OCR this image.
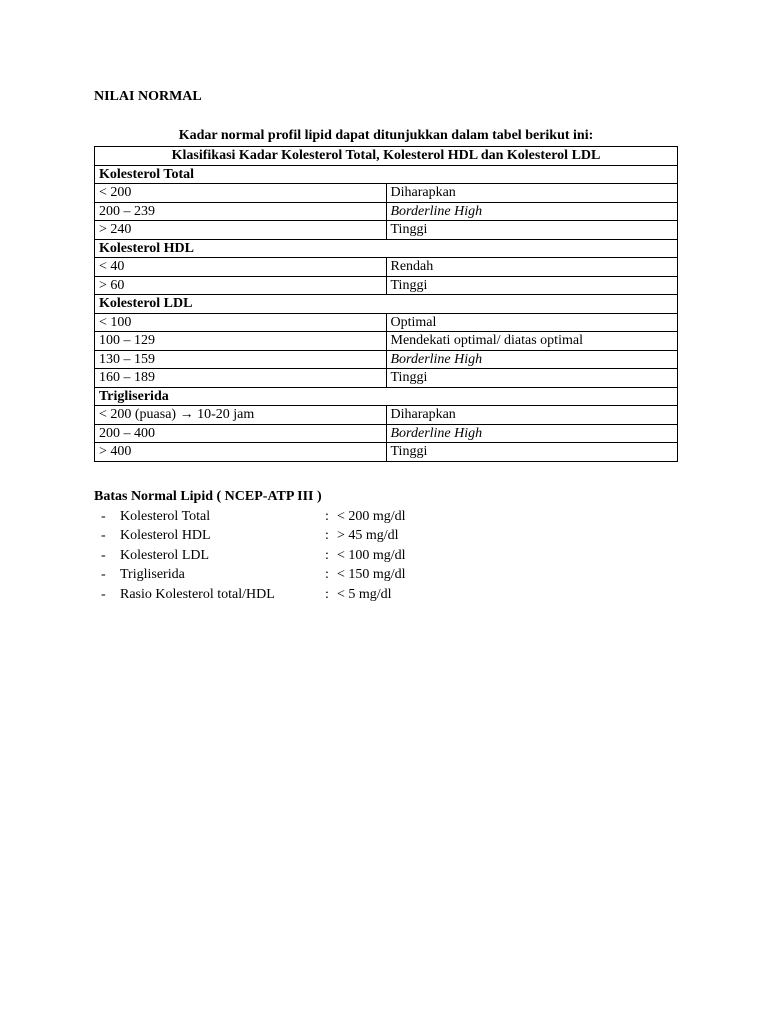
NILAI NORMAL

Kadar normal profil lipid dapat ditunjukkan dalam tabel berikut ini:

Klasifikasi Kadar Kolesterol Total, Kolesterol HDL dan Kolesterol LDL	
Kolesterol Total	
< 200	Diharapkan
200 – 239	Borderline High
> 240	Tinggi
Kolesterol HDL	
< 40	Rendah
> 60	Tinggi
Kolesterol LDL	
< 100	Optimal
100 – 129	Mendekati optimal/ diatas optimal
130 – 159	Borderline High
160 – 189	Tinggi
Trigliserida	
< 200 (puasa) → 10-20 jam	Diharapkan
200 – 400	Borderline High
> 400	Tinggi

Batas Normal Lipid ( NCEP-ATP III )

- Kolesterol Total	: < 200 mg/dl
- Kolesterol HDL	: > 45 mg/dl
- Kolesterol LDL	: < 100 mg/dl
- Trigliserida	: < 150 mg/dl
- Rasio Kolesterol total/HDL	: < 5 mg/dl
